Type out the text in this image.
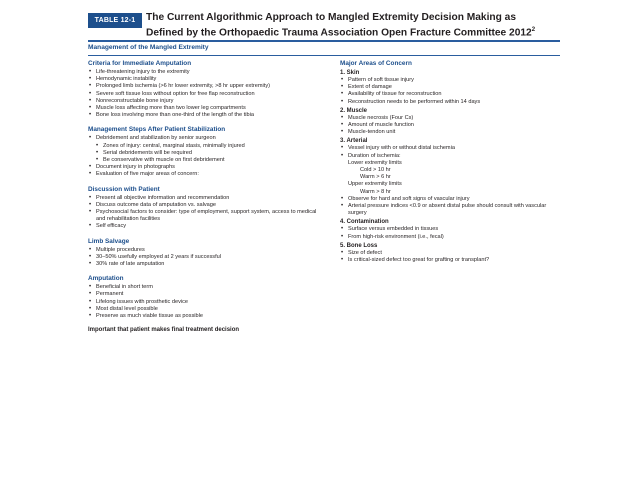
TABLE 12-1	The Current Algorithmic Approach to Mangled Extremity Decision Making as
Defined by the Orthopaedic Trauma Association Open Fracture Committee 2012$^2$
Management of the Mangled Extremity
Criteria for Immediate Amputation
• Life-threatening injury to the extremity
• Hemodynamic instability
• Prolonged limb ischemia (>6 hr lower extremity, >8 hr upper extremity)
• Severe soft tissue loss without option for free flap reconstruction
• Nonreconstructable bone injury
• Muscle loss affecting more than two lower leg compartments
• Bone loss involving more than one-third of the length of the tibia
Management Steps After Patient Stabilization
• Debridement and stabilization by senior surgeon
• Zones of injury: central, marginal stasis, minimally injured
• Serial debridements will be required
• Be conservative with muscle on first debridement
• Document injury in photographs
• Evaluation of five major areas of concern:
Discussion with Patient
• Present all objective information and recommendation
• Discuss outcome data of amputation vs. salvage
• Psychosocial factors to consider: type of employment, support system, access to medical and rehabilitation facilities
• Self efficacy
Limb Salvage
• Multiple procedures
• 30–50% usefully employed at 2 years if successful
• 30% rate of late amputation
Amputation
• Beneficial in short term
• Permanent
• Lifelong issues with prosthetic device
• Most distal level possible
• Preserve as much viable tissue as possible
Important that patient makes final treatment decision
Major Areas of Concern
1. Skin
• Pattern of soft tissue injury
• Extent of damage
• Availability of tissue for reconstruction
• Reconstruction needs to be performed within 14 days
2. Muscle
• Muscle necrosis (Four Cs)
• Amount of muscle function
• Muscle-tendon unit
3. Arterial
• Vessel injury with or without distal ischemia
• Duration of ischemia:
Lower extremity limits
Cold > 10 hr
Warm > 6 hr
Upper extremity limits
Warm > 8 hr
• Observe for hard and soft signs of vascular injury
• Arterial pressure indices <0.9 or absent distal pulse should consult with vascular surgery
4. Contamination
• Surface versus embedded in tissues
• From high-risk environment (i.e., fecal)
5. Bone Loss
• Size of defect
• Is critical-sized defect too great for grafting or transplant?
